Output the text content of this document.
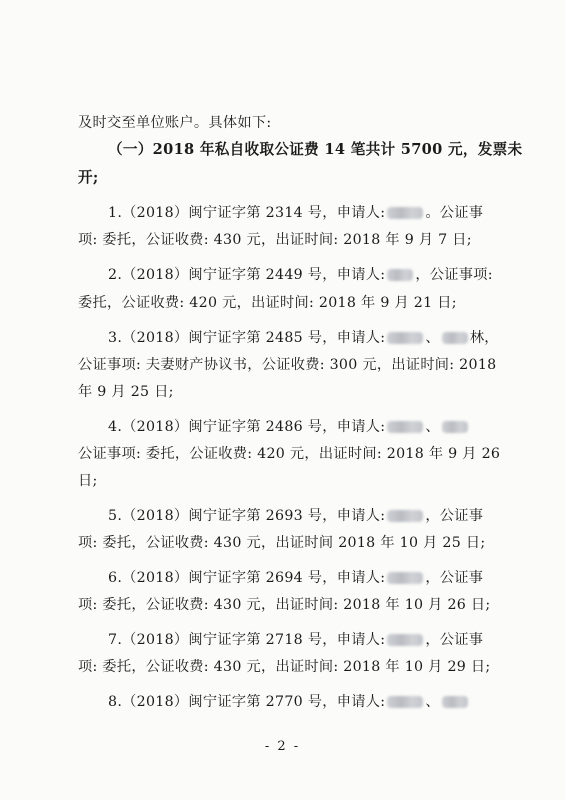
及时交至单位账户。具体如下:
（一）2018 年私自收取公证费 14 笔共计 5700 元，发票未
开;
1.（2018）闽宁证字第 2314 号，申请人:	。公证事
项: 委托，公证收费: 430 元，出证时间: 2018 年 9 月 7 日;
2.（2018）闽宁证字第 2449 号，申请人: ，公证事项:
委托，公证收费: 420 元，出证时间: 2018 年 9 月 21 日;
3.（2018）闽宁证字第 2485 号，申请人:	、 林，
公证事项: 夫妻财产协议书，公证收费: 300 元，出证时间: 2018
年 9 月 25 日;
4.（2018）闽宁证字第 2486 号，申请人:	、
公证事项: 委托，公证收费: 420 元，出证时间: 2018 年 9 月 26
日;
5.（2018）闽宁证字第 2693 号，申请人:	，公证事
项: 委托，公证收费: 430 元，出证时间 2018 年 10 月 25 日;
6.（2018）闽宁证字第 2694 号，申请人:	，公证事
项: 委托，公证收费: 430 元，出证时间: 2018 年 10 月 26 日;
7.（2018）闽宁证字第 2718 号，申请人:	，公证事
项: 委托，公证收费: 430 元，出证时间: 2018 年 10 月 29 日;
8.（2018）闽宁证字第 2770 号，申请人:	、
- 2 -
